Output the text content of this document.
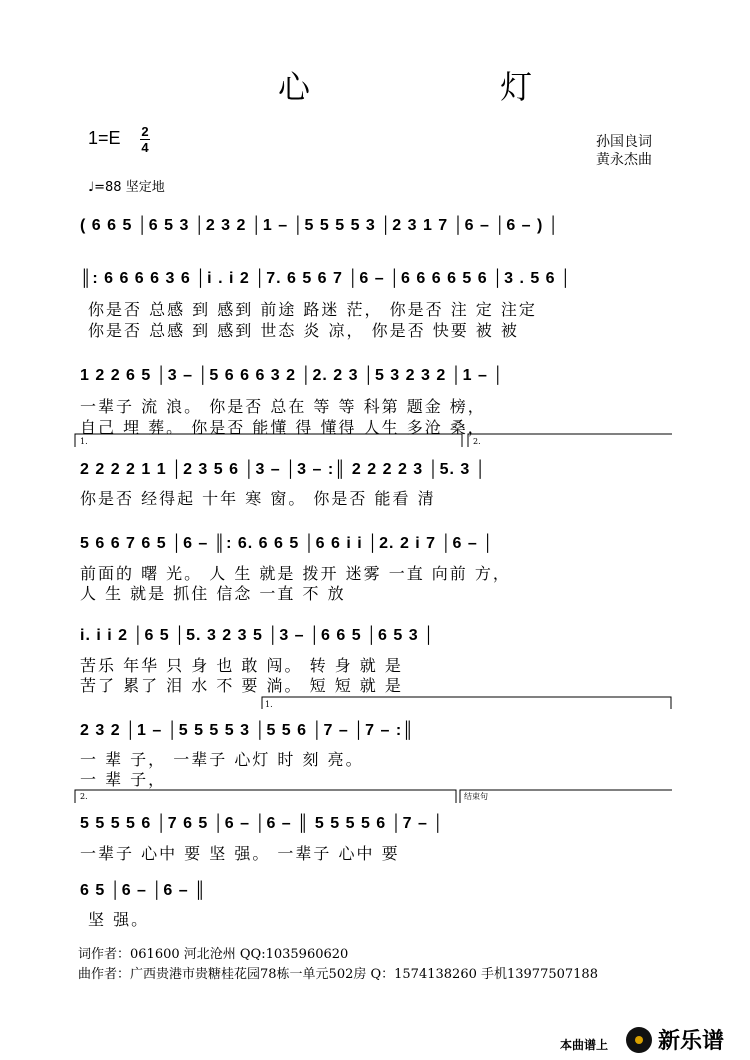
心 灯
1=E 2
4	孙国良词
黄永杰曲
♩=88 坚定地
( 6 6 5 │6 5 3 │2 3 2 │1 – │5 5 5 5 3 │2 3 1 7 │6 – │6 – ) │
║: 6 6 6 6 3 6 │i . i 2 │7. 6 5 6 7 │6 – │6 6 6 6 5 6 │3 . 5 6 │
你是否 总感 到 感到 前途 路迷 茫， 你是否 注 定 注定
你是否 总感 到 感到 世态 炎 凉， 你是否 快要 被 被
1 2 2 6 5 │3 – │5 6 6 6 3 2 │2. 2 3 │5 3 2 3 2 │1 – │
一辈子 流 浪。 你是否 总在 等 等 科第 题金 榜，
自己 埋 葬。 你是否 能懂 得 懂得 人生 多沧 桑，
1.	2.
2 2 2 2 1 1 │2 3 5 6 │3 – │3 – :║ 2 2 2 2 3 │5. 3 │
你是否 经得起 十年 寒 窗。 你是否 能看 清
5 6 6 7 6 5 │6 – ║: 6. 6 6 5 │6 6 i i │2. 2 i 7 │6 – │
前面的 曙 光。 人 生 就是 拨开 迷雾 一直 向前 方，
人 生 就是 抓住 信念 一直 不 放
i. i i 2 │6 5 │5. 3 2 3 5 │3 – │6 6 5 │6 5 3 │
苦乐 年华 只 身 也 敢 闯。 转 身 就 是
苦了 累了 泪 水 不 要 淌。 短 短 就 是
1.
2 3 2 │1 – │5 5 5 5 3 │5 5 6 │7 – │7 – :║
一 辈 子， 一辈子 心灯 时 刻 亮。
一 辈 子，
2.	结束句
5 5 5 5 6 │7 6 5 │6 – │6 – ║ 5 5 5 5 6 │7 – │
一辈子 心中 要 坚 强。 一辈子 心中 要
6 5 │6 – │6 – ║
坚 强。
词作者：061600 河北沧州 QQ:1035960620
曲作者：广西贵港市贵糖桂花园78栋一单元502房 Q：1574138260 手机13977507188
本曲谱上 新乐谱
